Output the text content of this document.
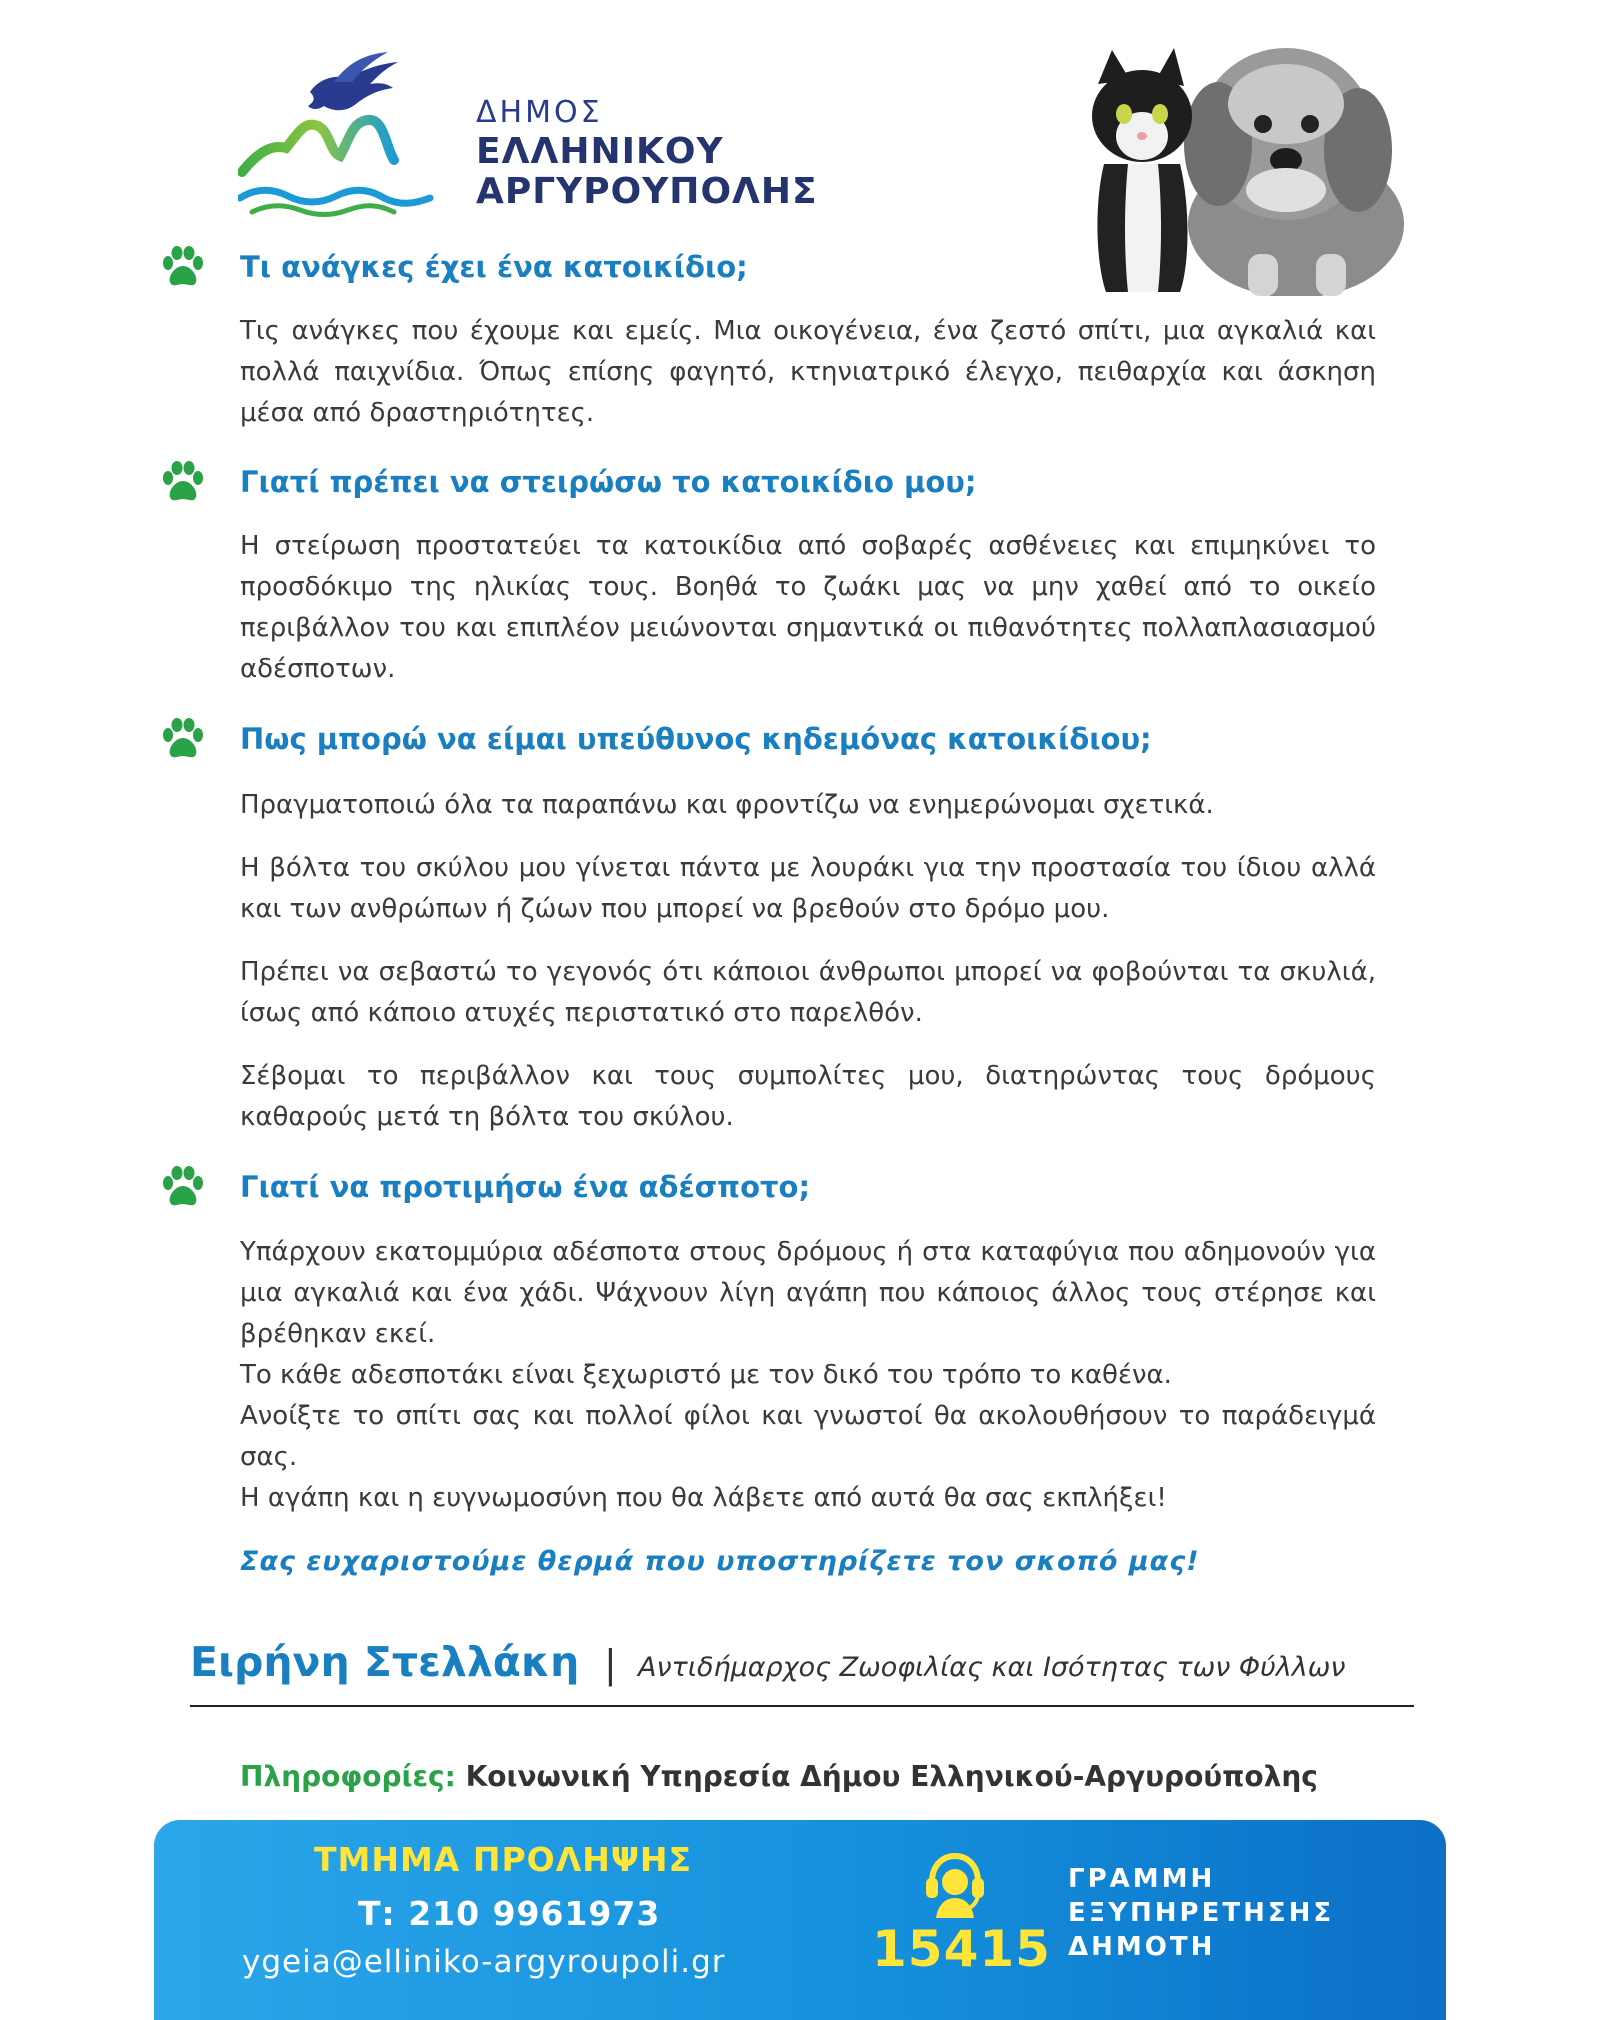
ΔΗΜΟΣ
ΕΛΛΗΝΙΚΟΥ
ΑΡΓΥΡΟΥΠΟΛΗΣ
Τι ανάγκες έχει ένα κατοικίδιο;

Τις ανάγκες που έχουμε και εμείς. Μια οικογένεια, ένα ζεστό σπίτι, μια αγκαλιά και πολλά παιχνίδια. Όπως επίσης φαγητό, κτηνιατρικό έλεγχο, πειθαρχία και άσκηση μέσα από δραστηριότητες.

Γιατί πρέπει να στειρώσω το κατοικίδιο μου;

Η στείρωση προστατεύει τα κατοικίδια από σοβαρές ασθένειες και επιμηκύνει το προσδόκιμο της ηλικίας τους. Βοηθά το ζωάκι μας να μην χαθεί από το οικείο περιβάλλον του και επιπλέον μειώνονται σημαντικά οι πιθανότητες πολλαπλασιασμού αδέσποτων.

Πως μπορώ να είμαι υπεύθυνος κηδεμόνας κατοικίδιου;

Πραγματοποιώ όλα τα παραπάνω και φροντίζω να ενημερώνομαι σχετικά.

Η βόλτα του σκύλου μου γίνεται πάντα με λουράκι για την προστασία του ίδιου αλλά και των ανθρώπων ή ζώων που μπορεί να βρεθούν στο δρόμο μου.

Πρέπει να σεβαστώ το γεγονός ότι κάποιοι άνθρωποι μπορεί να φοβούνται τα σκυλιά, ίσως από κάποιο ατυχές περιστατικό στο παρελθόν.

Σέβομαι το περιβάλλον και τους συμπολίτες μου, διατηρώντας τους δρόμους καθαρούς μετά τη βόλτα του σκύλου.

Γιατί να προτιμήσω ένα αδέσποτο;

Υπάρχουν εκατομμύρια αδέσποτα στους δρόμους ή στα καταφύγια που αδημονούν για μια αγκαλιά και ένα χάδι. Ψάχνουν λίγη αγάπη που κάποιος άλλος τους στέρησε και βρέθηκαν εκεί.

Το κάθε αδεσποτάκι είναι ξεχωριστό με τον δικό του τρόπο το καθένα.

Ανοίξτε το σπίτι σας και πολλοί φίλοι και γνωστοί θα ακολουθήσουν το παράδειγμά σας.

Η αγάπη και η ευγνωμοσύνη που θα λάβετε από αυτά θα σας εκπλήξει!

Σας ευχαριστούμε θερμά που υποστηρίζετε τον σκοπό μας!
Ειρήνη Στελλάκη | Αντιδήμαρχος Ζωοφιλίας και Ισότητας των Φύλλων
Πληροφορίες: Κοινωνική Υπηρεσία Δήμου Ελληνικού-Αργυρούπολης
ΤΜΗΜΑ ΠΡΟΛΗΨΗΣ
Τ: 210 9961973
ygeia@elliniko-argyroupoli.gr	15415
ΓΡΑΜΜΗ
ΕΞΥΠΗΡΕΤΗΣΗΣ
ΔΗΜΟΤΗ
